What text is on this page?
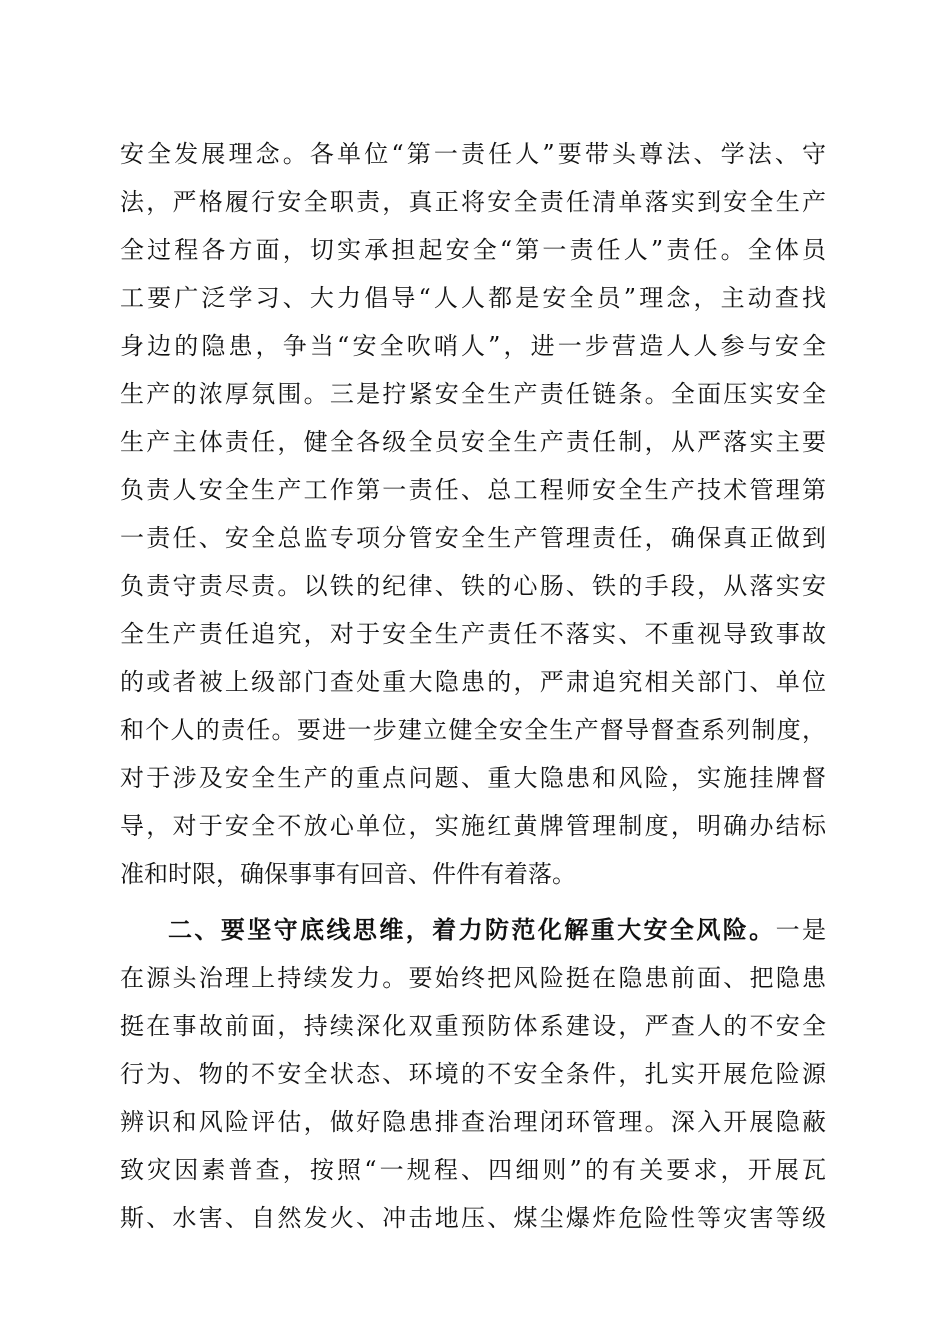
安全发展理念。各单位“第一责任人”要带头尊法、学法、守
法，严格履行安全职责，真正将安全责任清单落实到安全生产
全过程各方面，切实承担起安全“第一责任人”责任。全体员
工要广泛学习、大力倡导“人人都是安全员”理念，主动查找
身边的隐患，争当“安全吹哨人”，进一步营造人人参与安全
生产的浓厚氛围。三是拧紧安全生产责任链条。全面压实安全
生产主体责任，健全各级全员安全生产责任制，从严落实主要
负责人安全生产工作第一责任、总工程师安全生产技术管理第
一责任、安全总监专项分管安全生产管理责任，确保真正做到
负责守责尽责。以铁的纪律、铁的心肠、铁的手段，从落实安
全生产责任追究，对于安全生产责任不落实、不重视导致事故
的或者被上级部门查处重大隐患的，严肃追究相关部门、单位
和个人的责任。要进一步建立健全安全生产督导督查系列制度，
对于涉及安全生产的重点问题、重大隐患和风险，实施挂牌督
导，对于安全不放心单位，实施红黄牌管理制度，明确办结标
准和时限，确保事事有回音、件件有着落。
二、要坚守底线思维，着力防范化解重大安全风险。一是
在源头治理上持续发力。要始终把风险挺在隐患前面、把隐患
挺在事故前面，持续深化双重预防体系建设，严查人的不安全
行为、物的不安全状态、环境的不安全条件，扎实开展危险源
辨识和风险评估，做好隐患排查治理闭环管理。深入开展隐蔽
致灾因素普查，按照“一规程、四细则”的有关要求，开展瓦
斯、水害、自然发火、冲击地压、煤尘爆炸危险性等灾害等级
